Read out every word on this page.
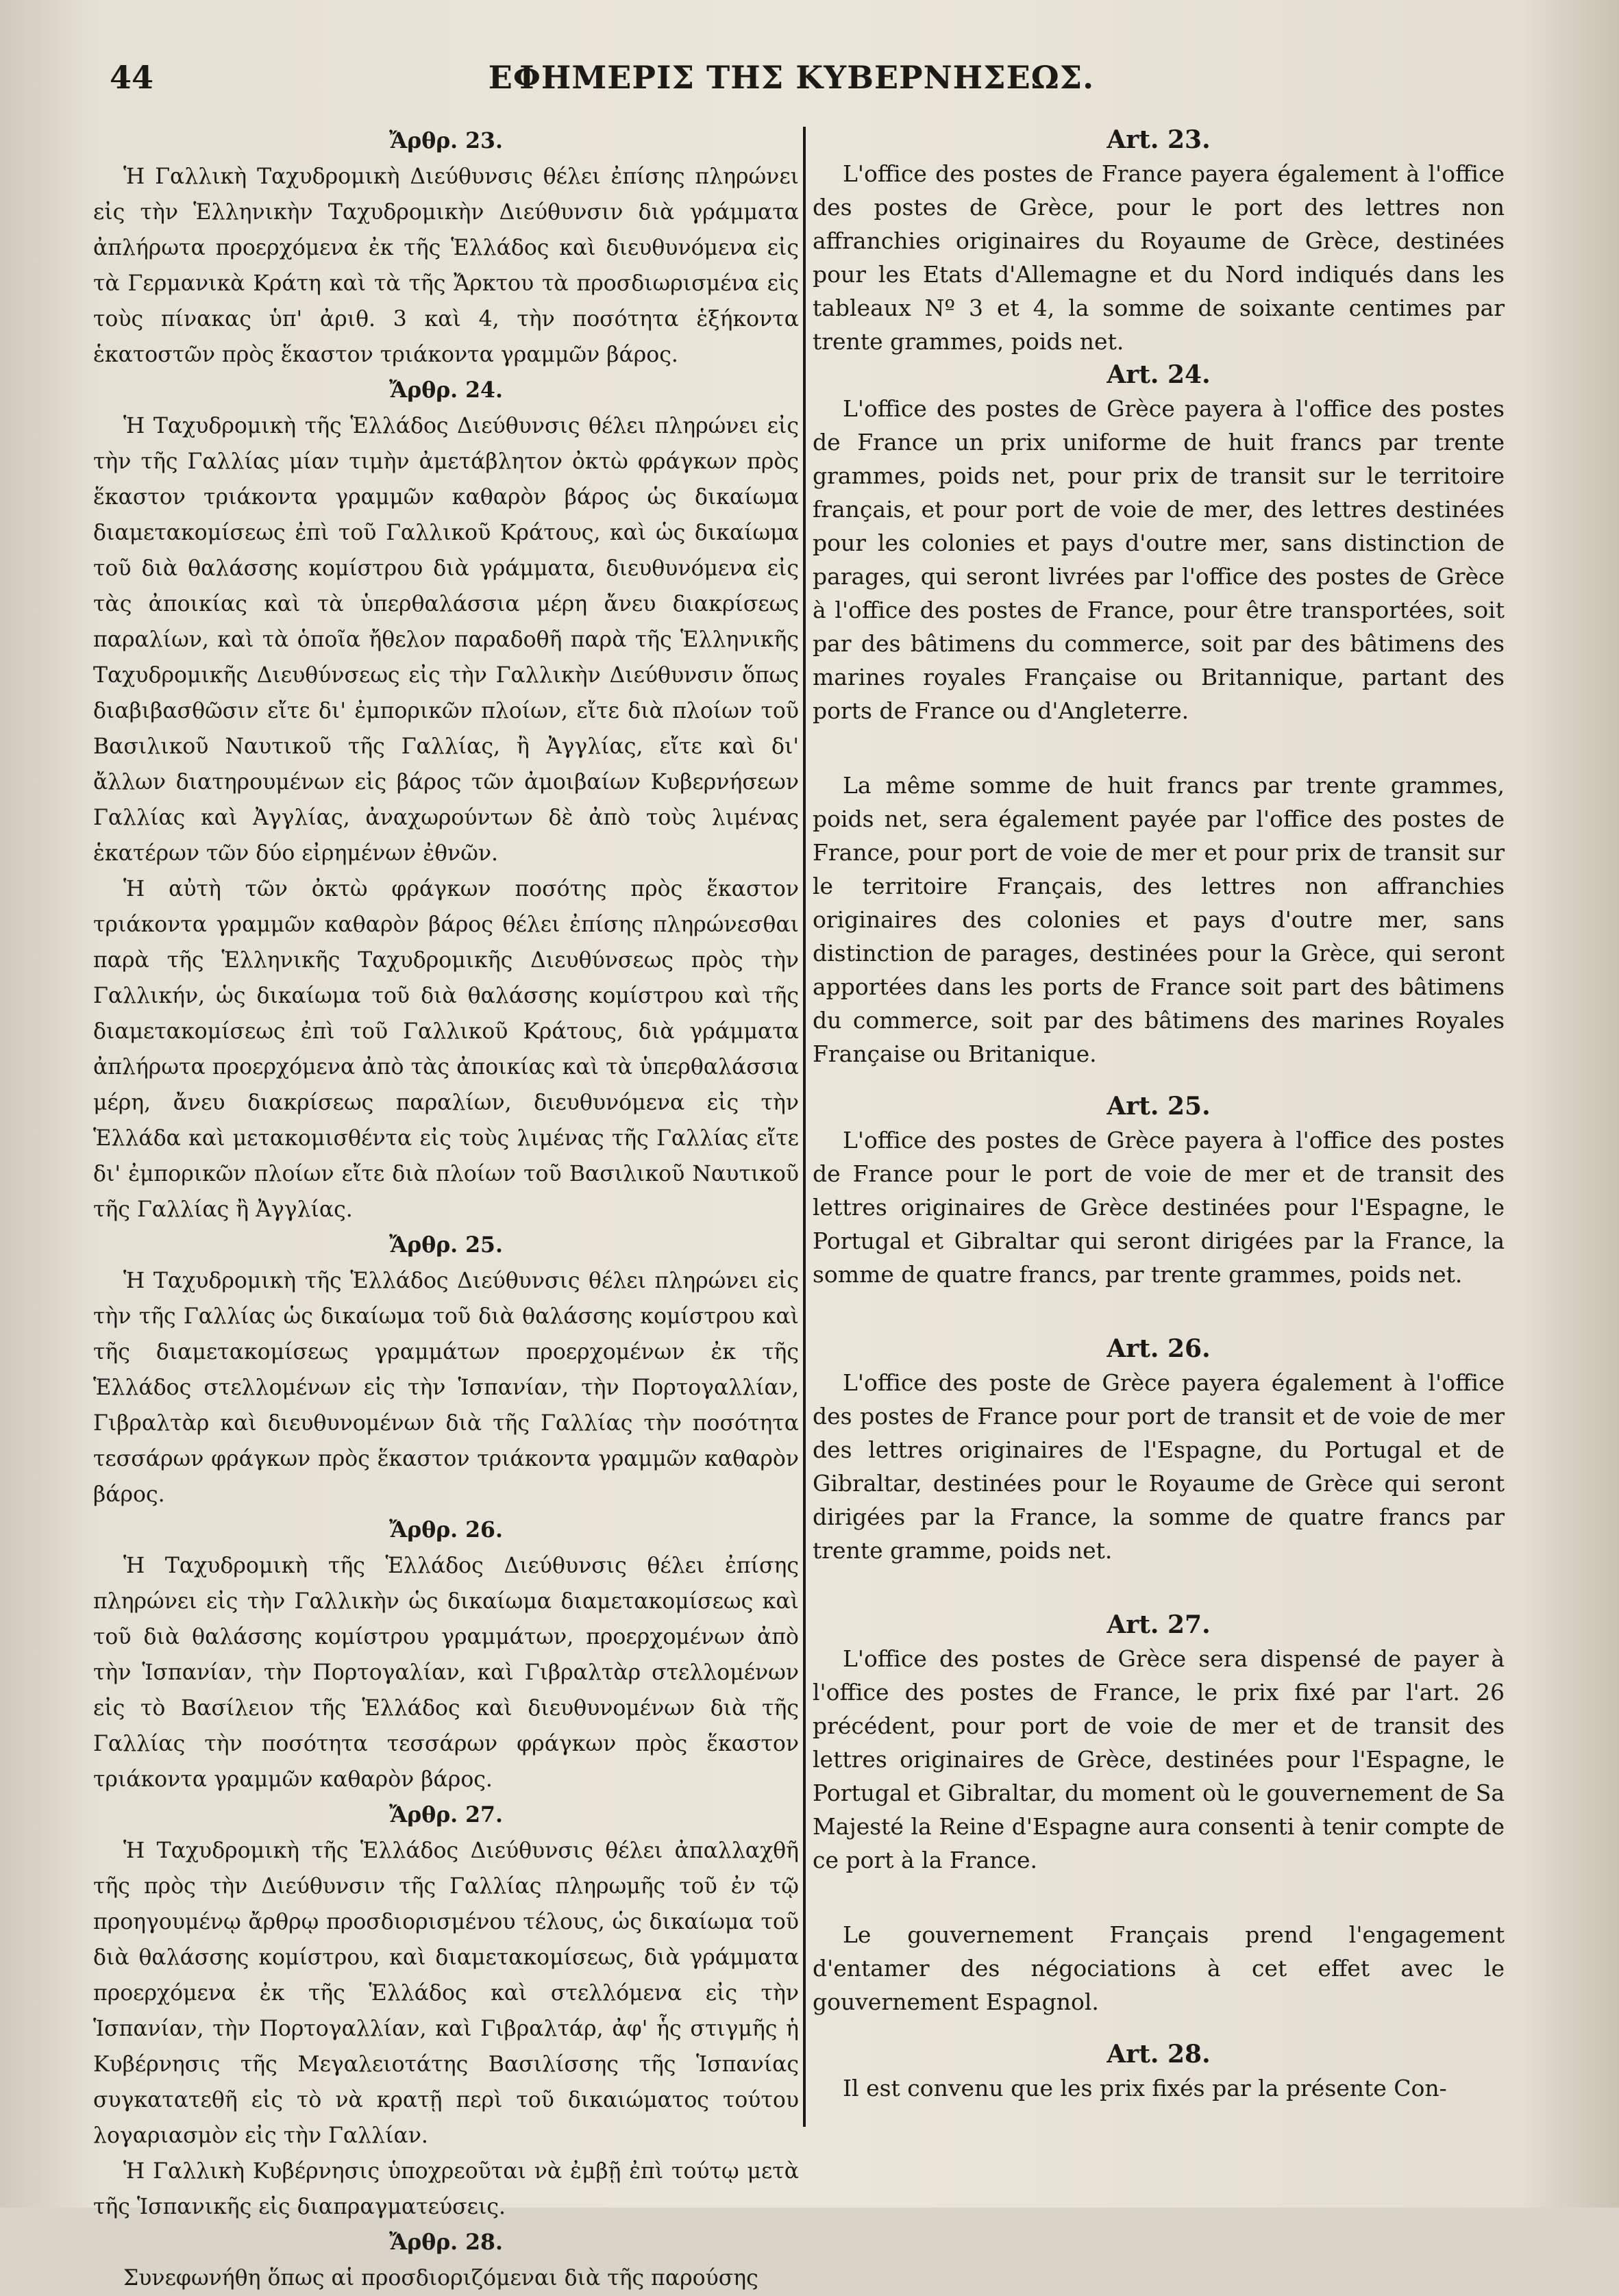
44	ΕΦΗΜΕΡΙΣ ΤΗΣ ΚΥΒΕΡΝΗΣΕΩΣ.
Ἄρθρ. 23.

Ἡ Γαλλικὴ Ταχυδρομικὴ Διεύθυνσις θέλει ἐπίσης πληρώνει εἰς τὴν Ἑλληνικὴν Ταχυδρομικὴν Διεύθυνσιν διὰ γράμματα ἀπλήρωτα προερχόμενα ἐκ τῆς Ἑλλάδος καὶ διευθυνόμενα εἰς τὰ Γερμανικὰ Κράτη καὶ τὰ τῆς Ἄρκτου τὰ προσδιωρισμένα εἰς τοὺς πίνακας ὑπ' ἀριθ. 3 καὶ 4, τὴν ποσότητα ἑξήκοντα ἑκατοστῶν πρὸς ἕκαστον τριάκοντα γραμμῶν βάρος.

Ἄρθρ. 24.

Ἡ Ταχυδρομικὴ τῆς Ἑλλάδος Διεύθυνσις θέλει πληρώνει εἰς τὴν τῆς Γαλλίας μίαν τιμὴν ἀμετάβλητον ὀκτὼ φράγκων πρὸς ἕκαστον τριάκοντα γραμμῶν καθαρὸν βάρος ὡς δικαίωμα διαμετακομίσεως ἐπὶ τοῦ Γαλλικοῦ Κράτους, καὶ ὡς δικαίωμα τοῦ διὰ θαλάσσης κομίστρου διὰ γράμματα, διευθυνόμενα εἰς τὰς ἀποικίας καὶ τὰ ὑπερθαλάσσια μέρη ἄνευ διακρίσεως παραλίων, καὶ τὰ ὁποῖα ἤθελον παραδοθῆ παρὰ τῆς Ἑλληνικῆς Ταχυδρομικῆς Διευθύνσεως εἰς τὴν Γαλλικὴν Διεύθυνσιν ὅπως διαβιβασθῶσιν εἴτε δι' ἐμπορικῶν πλοίων, εἴτε διὰ πλοίων τοῦ Βασιλικοῦ Ναυτικοῦ τῆς Γαλλίας, ἢ Ἀγγλίας, εἴτε καὶ δι' ἄλλων διατηρουμένων εἰς βάρος τῶν ἀμοιβαίων Κυβερνήσεων Γαλλίας καὶ Ἀγγλίας, ἀναχωρούντων δὲ ἀπὸ τοὺς λιμένας ἑκατέρων τῶν δύο εἰρημένων ἐθνῶν.

Ἡ αὐτὴ τῶν ὀκτὼ φράγκων ποσότης πρὸς ἕκαστον τριάκοντα γραμμῶν καθαρὸν βάρος θέλει ἐπίσης πληρώνεσθαι παρὰ τῆς Ἑλληνικῆς Ταχυδρομικῆς Διευθύνσεως πρὸς τὴν Γαλλικήν, ὡς δικαίωμα τοῦ διὰ θαλάσσης κομίστρου καὶ τῆς διαμετακομίσεως ἐπὶ τοῦ Γαλλικοῦ Κράτους, διὰ γράμματα ἀπλήρωτα προερχόμενα ἀπὸ τὰς ἀποικίας καὶ τὰ ὑπερθαλάσσια μέρη, ἄνευ διακρίσεως παραλίων, διευθυνόμενα εἰς τὴν Ἑλλάδα καὶ μετακομισθέντα εἰς τοὺς λιμένας τῆς Γαλλίας εἴτε δι' ἐμπορικῶν πλοίων εἴτε διὰ πλοίων τοῦ Βασιλικοῦ Ναυτικοῦ τῆς Γαλλίας ἢ Ἀγγλίας.

Ἄρθρ. 25.

Ἡ Ταχυδρομικὴ τῆς Ἑλλάδος Διεύθυνσις θέλει πληρώνει εἰς τὴν τῆς Γαλλίας ὡς δικαίωμα τοῦ διὰ θαλάσσης κομίστρου καὶ τῆς διαμετακομίσεως γραμμάτων προερχομένων ἐκ τῆς Ἑλλάδος στελλομένων εἰς τὴν Ἱσπανίαν, τὴν Πορτογαλλίαν, Γιβραλτὰρ καὶ διευθυνομένων διὰ τῆς Γαλλίας τὴν ποσότητα τεσσάρων φράγκων πρὸς ἕκαστον τριάκοντα γραμμῶν καθαρὸν βάρος.

Ἄρθρ. 26.

Ἡ Ταχυδρομικὴ τῆς Ἑλλάδος Διεύθυνσις θέλει ἐπίσης πληρώνει εἰς τὴν Γαλλικὴν ὡς δικαίωμα διαμετακομίσεως καὶ τοῦ διὰ θαλάσσης κομίστρου γραμμάτων, προερχομένων ἀπὸ τὴν Ἱσπανίαν, τὴν Πορτογαλίαν, καὶ Γιβραλτὰρ στελλομένων εἰς τὸ Βασίλειον τῆς Ἑλλάδος καὶ διευθυνομένων διὰ τῆς Γαλλίας τὴν ποσότητα τεσσάρων φράγκων πρὸς ἕκαστον τριάκοντα γραμμῶν καθαρὸν βάρος.

Ἄρθρ. 27.

Ἡ Ταχυδρομικὴ τῆς Ἑλλάδος Διεύθυνσις θέλει ἀπαλλαχθῆ τῆς πρὸς τὴν Διεύθυνσιν τῆς Γαλλίας πληρωμῆς τοῦ ἐν τῷ προηγουμένῳ ἄρθρῳ προσδιορισμένου τέλους, ὡς δικαίωμα τοῦ διὰ θαλάσσης κομίστρου, καὶ διαμετακομίσεως, διὰ γράμματα προερχόμενα ἐκ τῆς Ἑλλάδος καὶ στελλόμενα εἰς τὴν Ἱσπανίαν, τὴν Πορτογαλλίαν, καὶ Γιβραλτάρ, ἀφ' ἧς στιγμῆς ἡ Κυβέρνησις τῆς Μεγαλειοτάτης Βασιλίσσης τῆς Ἱσπανίας συγκατατεθῆ εἰς τὸ νὰ κρατῇ περὶ τοῦ δικαιώματος τούτου λογαριασμὸν εἰς τὴν Γαλλίαν.

Ἡ Γαλλικὴ Κυβέρνησις ὑποχρεοῦται νὰ ἐμβῇ ἐπὶ τούτῳ μετὰ τῆς Ἱσπανικῆς εἰς διαπραγματεύσεις.

Ἄρθρ. 28.

Συνεφωνήθη ὅπως αἱ προσδιοριζόμεναι διὰ τῆς παρούσης

Art. 23.

L'office des postes de France payera également à l'office des postes de Grèce, pour le port des lettres non affranchies originaires du Royaume de Grèce, destinées pour les Etats d'Allemagne et du Nord indiqués dans les tableaux Nº 3 et 4, la somme de soixante centimes par trente grammes, poids net.

Art. 24.

L'office des postes de Grèce payera à l'office des postes de France un prix uniforme de huit francs par trente grammes, poids net, pour prix de transit sur le territoire français, et pour port de voie de mer, des lettres destinées pour les colonies et pays d'outre mer, sans distinction de parages, qui seront livrées par l'office des postes de Grèce à l'office des postes de France, pour être transportées, soit par des bâtimens du commerce, soit par des bâtimens des marines royales Française ou Britannique, partant des ports de France ou d'Angleterre.

La même somme de huit francs par trente grammes, poids net, sera également payée par l'office des postes de France, pour port de voie de mer et pour prix de transit sur le territoire Français, des lettres non affranchies originaires des colonies et pays d'outre mer, sans distinction de parages, destinées pour la Grèce, qui seront apportées dans les ports de France soit part des bâtimens du commerce, soit par des bâtimens des marines Royales Française ou Britanique.

Art. 25.

L'office des postes de Grèce payera à l'office des postes de France pour le port de voie de mer et de transit des lettres originaires de Grèce destinées pour l'Espagne, le Portugal et Gibraltar qui seront dirigées par la France, la somme de quatre francs, par trente grammes, poids net.

Art. 26.

L'office des poste de Grèce payera également à l'office des postes de France pour port de transit et de voie de mer des lettres originaires de l'Espagne, du Portugal et de Gibraltar, destinées pour le Royaume de Grèce qui seront dirigées par la France, la somme de quatre francs par trente gramme, poids net.

Art. 27.

L'office des postes de Grèce sera dispensé de payer à l'office des postes de France, le prix fixé par l'art. 26 précédent, pour port de voie de mer et de transit des lettres originaires de Grèce, destinées pour l'Espagne, le Portugal et Gibraltar, du moment où le gouvernement de Sa Majesté la Reine d'Espagne aura consenti à tenir compte de ce port à la France.

Le gouvernement Français prend l'engagement d'entamer des négociations à cet effet avec le gouvernement Espagnol.

Art. 28.

Il est convenu que les prix fixés par la présente Con-
